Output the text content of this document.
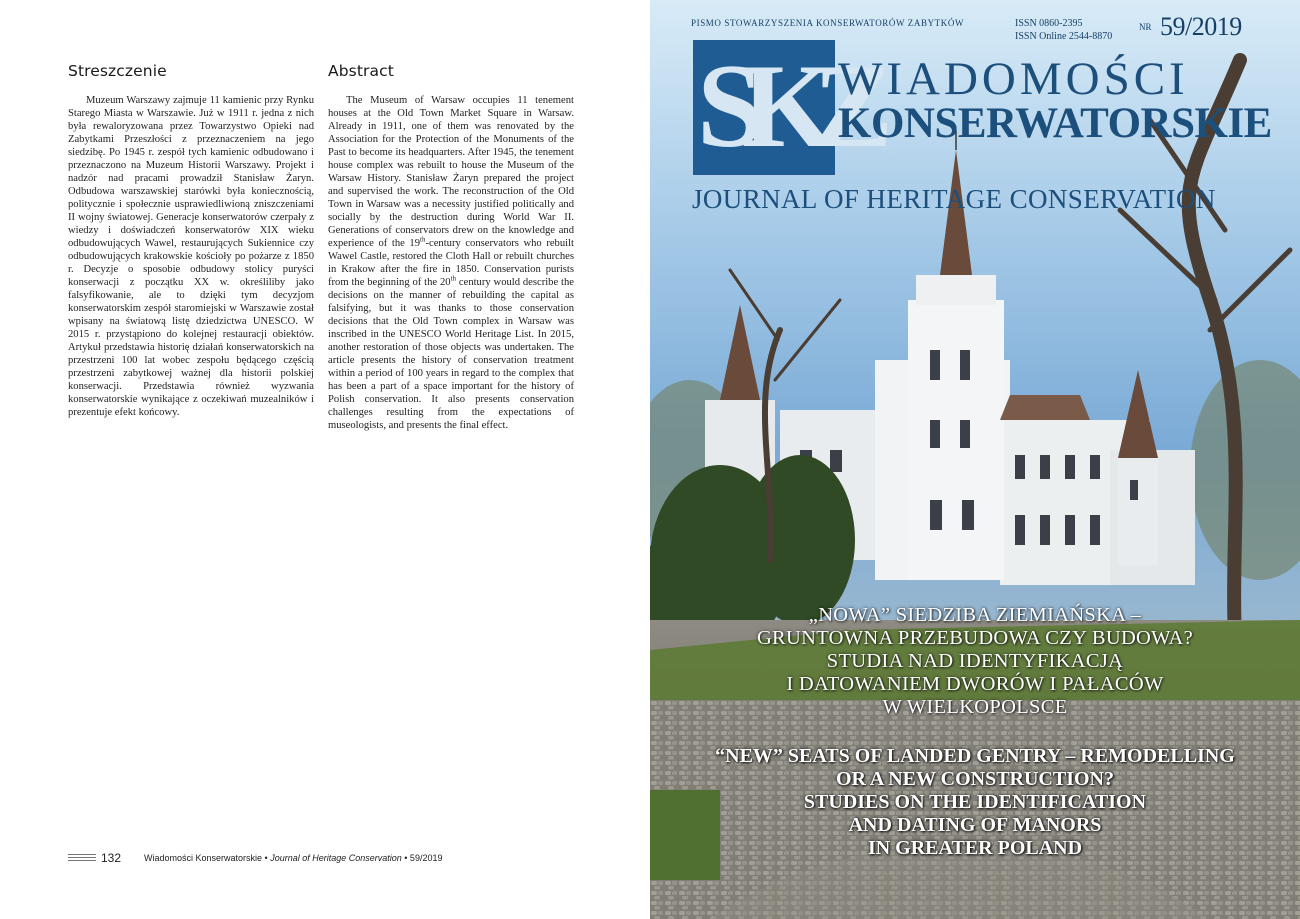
Streszczenie

Muzeum Warszawy zajmuje 11 kamienic przy Rynku Starego Miasta w Warszawie. Już w 1911 r. jedna z nich była rewaloryzowana przez Towarzystwo Opieki nad Zabytkami Przeszłości z przeznaczeniem na jego siedzibę. Po 1945 r. zespół tych kamienic odbudowano i przeznaczono na Muzeum Historii Warszawy. Projekt i nadzór nad pracami prowadził Stanisław Żaryn. Odbudowa warszawskiej starówki była koniecznością, politycznie i społecznie usprawiedliwioną zniszczeniami II wojny światowej. Generacje konserwatorów czerpały z wiedzy i doświadczeń konserwatorów XIX wieku odbudowujących Wawel, restaurujących Sukiennice czy odbudowujących krakowskie kościoły po pożarze z 1850 r. Decyzje o sposobie odbudowy stolicy puryści konserwacji z początku XX w. określiliby jako falsyfikowanie, ale to dzięki tym decyzjom konserwatorskim zespół staromiejski w Warszawie został wpisany na światową listę dziedzictwa UNESCO. W 2015 r. przystąpiono do kolejnej restauracji obiektów. Artykuł przedstawia historię działań konserwatorskich na przestrzeni 100 lat wobec zespołu będącego częścią przestrzeni zabytkowej ważnej dla historii polskiej konserwacji. Przedstawia również wyzwania konserwatorskie wynikające z oczekiwań muzealników i prezentuje efekt końcowy.

Abstract

The Museum of Warsaw occupies 11 tenement houses at the Old Town Market Square in Warsaw. Already in 1911, one of them was renovated by the Association for the Protection of the Monuments of the Past to become its headquarters. After 1945, the tenement house complex was rebuilt to house the Museum of the Warsaw History. Stanisław Żaryn prepared the project and supervised the work. The reconstruction of the Old Town in Warsaw was a necessity justified politically and socially by the destruction during World War II. Generations of conservators drew on the knowledge and experience of the 19th-century conservators who rebuilt Wawel Castle, restored the Cloth Hall or rebuilt churches in Krakow after the fire in 1850. Conservation purists from the beginning of the 20th century would describe the decisions on the manner of rebuilding the capital as falsifying, but it was thanks to those conservation decisions that the Old Town complex in Warsaw was inscribed in the UNESCO World Heritage List. In 2015, another restoration of those objects was undertaken. The article presents the history of conservation treatment within a period of 100 years in regard to the complex that has been a part of a space important for the history of Polish conservation. It also presents conservation challenges resulting from the expectations of museologists, and presents the final effect.

132	Wiadomości Konserwatorskie • Journal of Heritage Conservation • 59/2019
PISMO STOWARZYSZENIA KONSERWATORÓW ZABYTKÓW	ISSN 0860-2395
ISSN Online 2544-8870
NR 59/2019
SKZ
WIADOMOŚCI
KONSERWATORSKIE
JOURNAL OF HERITAGE CONSERVATION
„NOWA” SIEDZIBA ZIEMIAŃSKA –
GRUNTOWNA PRZEBUDOWA CZY BUDOWA?
STUDIA NAD IDENTYFIKACJĄ
I DATOWANIEM DWORÓW I PAŁACÓW
W WIELKOPOLSCE
“NEW” SEATS OF LANDED GENTRY – REMODELLING
OR A NEW CONSTRUCTION?
STUDIES ON THE IDENTIFICATION
AND DATING OF MANORS
IN GREATER POLAND
